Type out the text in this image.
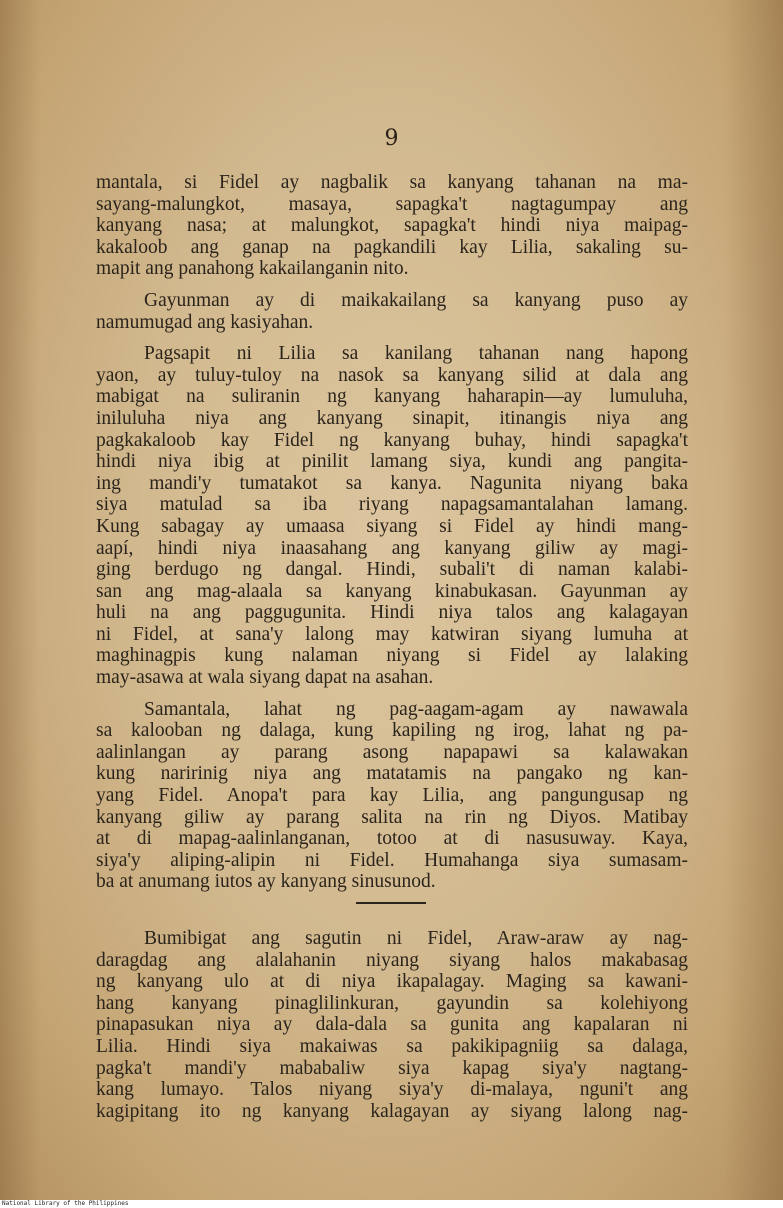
9
mantala, si Fidel ay nagbalik sa kanyang tahanan na ma-
sayang-malungkot, masaya, sapagka't nagtagumpay ang
kanyang nasa; at malungkot, sapagka't hindi niya maipag-
kakaloob ang ganap na pagkandili kay Lilia, sakaling su-
mapit ang panahong kakailanganin nito.
Gayunman ay di maikakailang sa kanyang puso ay
namumugad ang kasiyahan.
Pagsapit ni Lilia sa kanilang tahanan nang hapong
yaon, ay tuluy-tuloy na nasok sa kanyang silid at dala ang
mabigat na suliranin ng kanyang haharapin—ay lumuluha,
iniluluha niya ang kanyang sinapit, itinangis niya ang
pagkakaloob kay Fidel ng kanyang buhay, hindi sapagka't
hindi niya ibig at pinilit lamang siya, kundi ang pangita-
ing mandi'y tumatakot sa kanya. Nagunita niyang baka
siya matulad sa iba riyang napagsamantalahan lamang.
Kung sabagay ay umaasa siyang si Fidel ay hindi mang-
aapí, hindi niya inaasahang ang kanyang giliw ay magi-
ging berdugo ng dangal. Hindi, subali't di naman kalabi-
san ang mag-alaala sa kanyang kinabukasan. Gayunman ay
huli na ang paggugunita. Hindi niya talos ang kalagayan
ni Fidel, at sana'y lalong may katwiran siyang lumuha at
maghinagpis kung nalaman niyang si Fidel ay lalaking
may-asawa at wala siyang dapat na asahan.
Samantala, lahat ng pag-aagam-agam ay nawawala
sa kalooban ng dalaga, kung kapiling ng irog, lahat ng pa-
aalinlangan ay parang asong napapawi sa kalawakan
kung naririnig niya ang matatamis na pangako ng kan-
yang Fidel. Anopa't para kay Lilia, ang pangungusap ng
kanyang giliw ay parang salita na rin ng Diyos. Matibay
at di mapag-aalinlanganan, totoo at di nasusuway. Kaya,
siya'y aliping-alipin ni Fidel. Humahanga siya sumasam-
ba at anumang iutos ay kanyang sinusunod.
Bumibigat ang sagutin ni Fidel, Araw-araw ay nag-
daragdag ang alalahanin niyang siyang halos makabasag
ng kanyang ulo at di niya ikapalagay. Maging sa kawani-
hang kanyang pinaglilinkuran, gayundin sa kolehiyong
pinapasukan niya ay dala-dala sa gunita ang kapalaran ni
Lilia. Hindi siya makaiwas sa pakikipagniig sa dalaga,
pagka't mandi'y mababaliw siya kapag siya'y nagtang-
kang lumayo. Talos niyang siya'y di-malaya, nguni't ang
kagipitang ito ng kanyang kalagayan ay siyang lalong nag-
National Library of the Philippines
